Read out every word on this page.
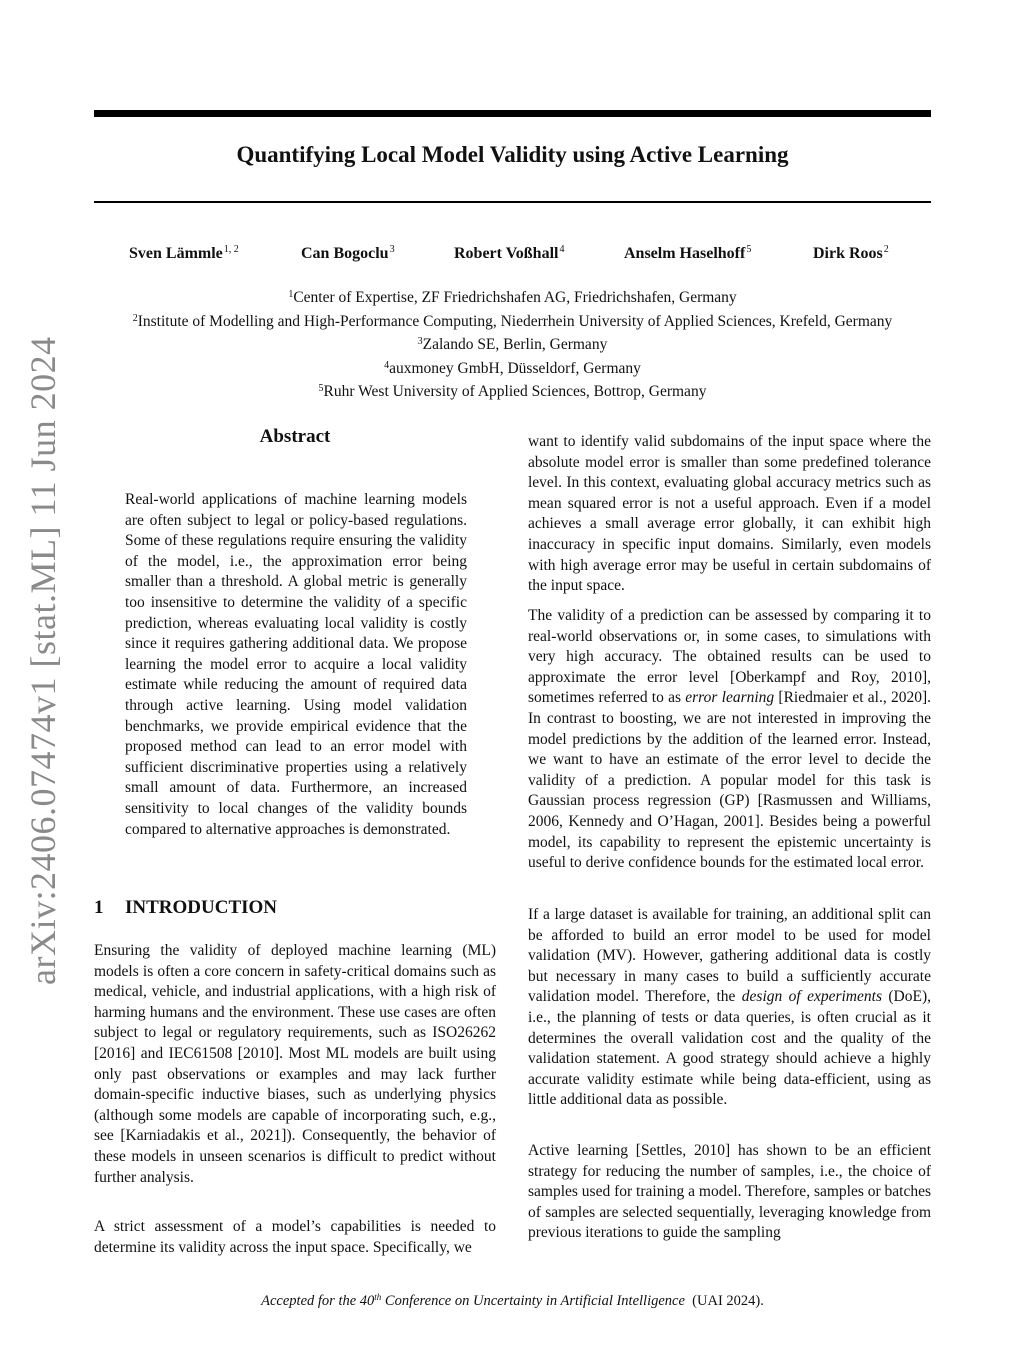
arXiv:2406.07474v1 [stat.ML] 11 Jun 2024
Quantifying Local Model Validity using Active Learning
Sven Lämmle$^{1, 2}$	Can Bogoclu$^3$	Robert Voßhall$^4$	Anselm Haselhoff$^5$	Dirk Roos$^2$
$^1$Center of Expertise, ZF Friedrichshafen AG, Friedrichshafen, Germany
$^2$Institute of Modelling and High-Performance Computing, Niederrhein University of Applied Sciences, Krefeld, Germany
$^3$Zalando SE, Berlin, Germany
$^4$auxmoney GmbH, Düsseldorf, Germany
$^5$Ruhr West University of Applied Sciences, Bottrop, Germany
Abstract

Real-world applications of machine learning models are often subject to legal or policy-based regulations. Some of these regulations require ensuring the validity of the model, i.e., the approximation error being smaller than a threshold. A global metric is generally too insensitive to determine the validity of a specific prediction, whereas evaluating local validity is costly since it requires gathering additional data. We propose learning the model error to acquire a local validity estimate while reducing the amount of required data through active learning. Using model validation benchmarks, we provide empirical evidence that the proposed method can lead to an error model with sufficient discriminative properties using a relatively small amount of data. Furthermore, an increased sensitivity to local changes of the validity bounds compared to alternative approaches is demonstrated.

1 INTRODUCTION

Ensuring the validity of deployed machine learning (ML) models is often a core concern in safety-critical domains such as medical, vehicle, and industrial applications, with a high risk of harming humans and the environment. These use cases are often subject to legal or regulatory requirements, such as ISO26262 [2016] and IEC61508 [2010]. Most ML models are built using only past observations or examples and may lack further domain-specific inductive biases, such as underlying physics (although some models are capable of incorporating such, e.g., see [Karniadakis et al., 2021]). Consequently, the behavior of these models in unseen scenarios is difficult to predict without further analysis.

A strict assessment of a model’s capabilities is needed to determine its validity across the input space. Specifically, we

want to identify valid subdomains of the input space where the absolute model error is smaller than some predefined tolerance level. In this context, evaluating global accuracy metrics such as mean squared error is not a useful approach. Even if a model achieves a small average error globally, it can exhibit high inaccuracy in specific input domains. Similarly, even models with high average error may be useful in certain subdomains of the input space.

The validity of a prediction can be assessed by comparing it to real-world observations or, in some cases, to simulations with very high accuracy. The obtained results can be used to approximate the error level [Oberkampf and Roy, 2010], sometimes referred to as error learning [Riedmaier et al., 2020]. In contrast to boosting, we are not interested in improving the model predictions by the addition of the learned error. Instead, we want to have an estimate of the error level to decide the validity of a prediction. A popular model for this task is Gaussian process regression (GP) [Rasmussen and Williams, 2006, Kennedy and O’Hagan, 2001]. Besides being a powerful model, its capability to represent the epistemic uncertainty is useful to derive confidence bounds for the estimated local error.

If a large dataset is available for training, an additional split can be afforded to build an error model to be used for model validation (MV). However, gathering additional data is costly but necessary in many cases to build a sufficiently accurate validation model. Therefore, the design of experiments (DoE), i.e., the planning of tests or data queries, is often crucial as it determines the overall validation cost and the quality of the validation statement. A good strategy should achieve a highly accurate validity estimate while being data-efficient, using as little additional data as possible.

Active learning [Settles, 2010] has shown to be an efficient strategy for reducing the number of samples, i.e., the choice of samples used for training a model. Therefore, samples or batches of samples are selected sequentially, leveraging knowledge from previous iterations to guide the sampling

Accepted for the 40th Conference on Uncertainty in Artificial Intelligence (UAI 2024).
